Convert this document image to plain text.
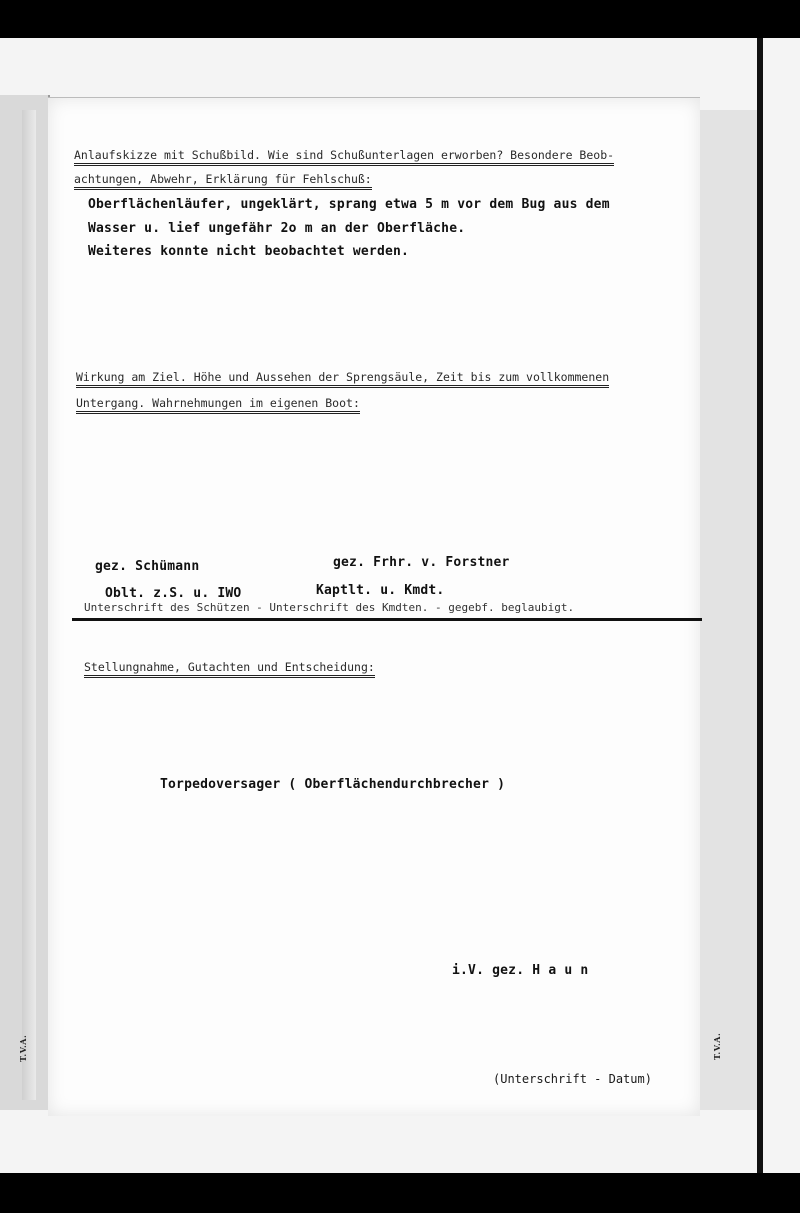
T.V.A.	T.V.A.
Anlaufskizze mit Schußbild. Wie sind Schußunterlagen erworben? Besondere Beob-
achtungen, Abwehr, Erklärung für Fehlschuß:
Oberflächenläufer, ungeklärt, sprang etwa 5 m vor dem Bug aus dem
Wasser u. lief ungefähr 2o m an der Oberfläche.
Weiteres konnte nicht beobachtet werden.
Wirkung am Ziel. Höhe und Aussehen der Sprengsäule, Zeit bis zum vollkommenen
Untergang. Wahrnehmungen im eigenen Boot:
gez. Schümann	gez. Frhr. v. Forstner
Oblt. z.S. u. IWO	Kaptlt. u. Kmdt.
Unterschrift des Schützen - Unterschrift des Kmdten. - gegebf. beglaubigt.
Stellungnahme, Gutachten und Entscheidung:
Torpedoversager ( Oberflächendurchbrecher )
i.V. gez. H a u n
(Unterschrift - Datum)
